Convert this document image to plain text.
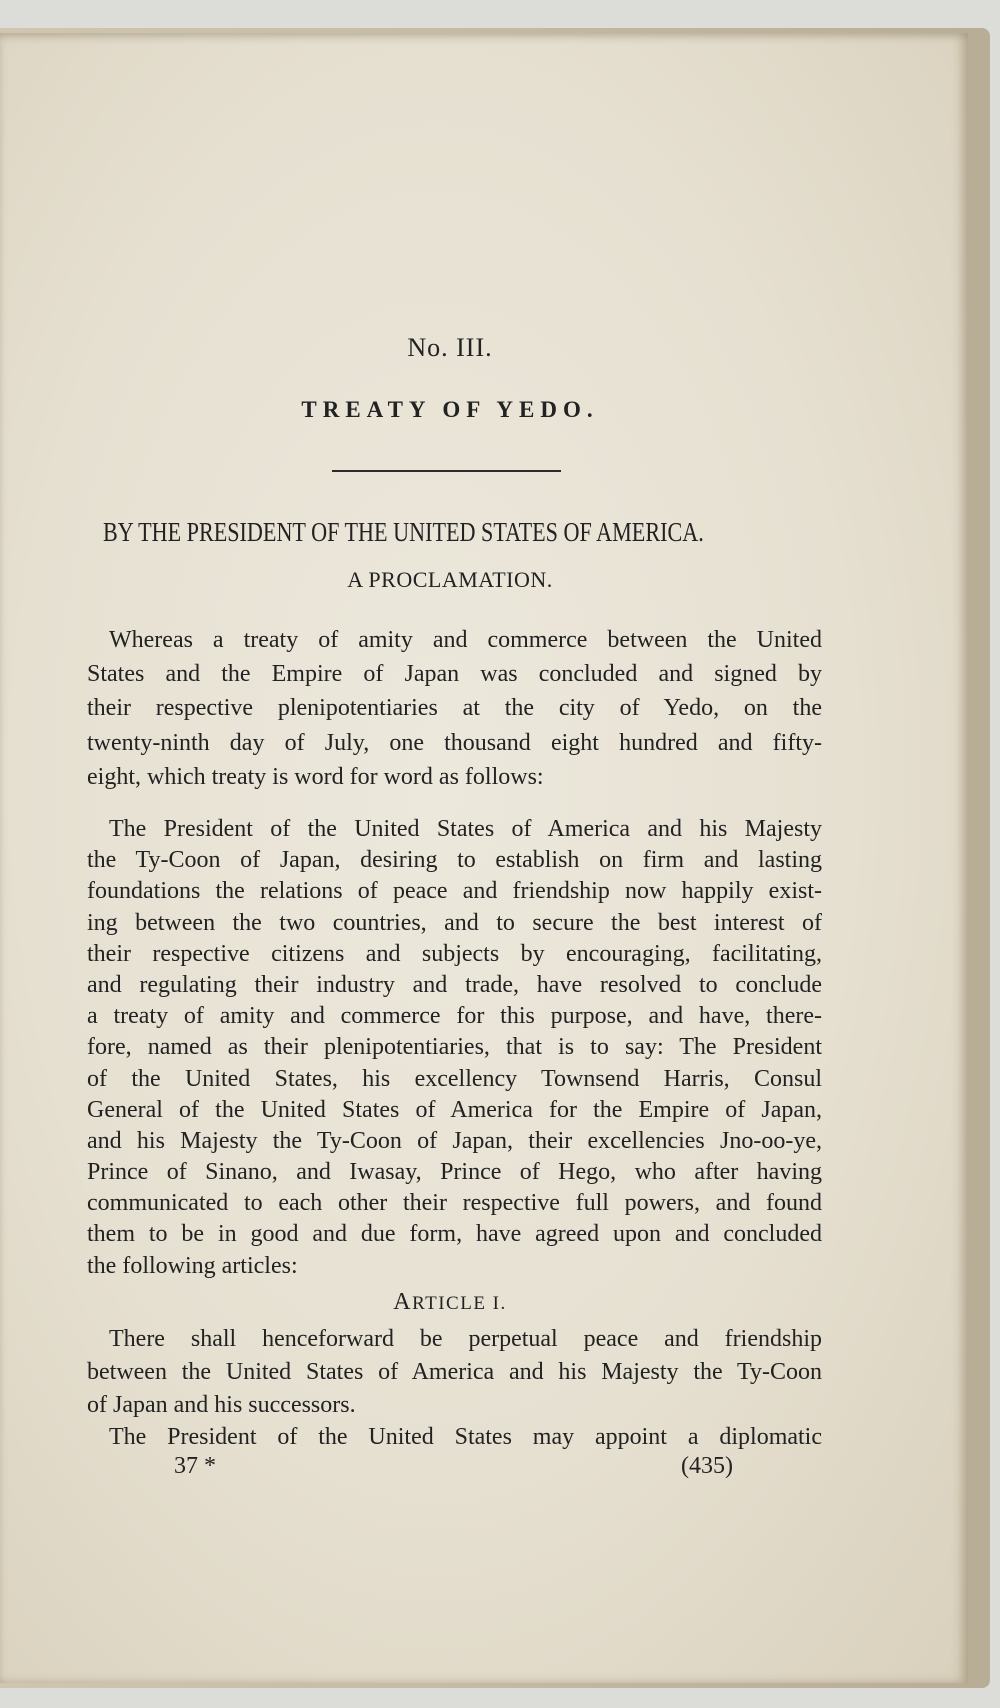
No. III.
TREATY OF YEDO.
BY THE PRESIDENT OF THE UNITED STATES OF AMERICA.
A PROCLAMATION.
Whereas a treaty of amity and commerce between the United
States and the Empire of Japan was concluded and signed by
their respective plenipotentiaries at the city of Yedo, on the
twenty-ninth day of July, one thousand eight hundred and fifty-
eight, which treaty is word for word as follows:
The President of the United States of America and his Majesty
the Ty-Coon of Japan, desiring to establish on firm and lasting
foundations the relations of peace and friendship now happily exist-
ing between the two countries, and to secure the best interest of
their respective citizens and subjects by encouraging, facilitating,
and regulating their industry and trade, have resolved to conclude
a treaty of amity and commerce for this purpose, and have, there-
fore, named as their plenipotentiaries, that is to say: The President
of the United States, his excellency Townsend Harris, Consul
General of the United States of America for the Empire of Japan,
and his Majesty the Ty-Coon of Japan, their excellencies Jno-oo-ye,
Prince of Sinano, and Iwasay, Prince of Hego, who after having
communicated to each other their respective full powers, and found
them to be in good and due form, have agreed upon and concluded
the following articles:
ARTICLE I.
There shall henceforward be perpetual peace and friendship
between the United States of America and his Majesty the Ty-Coon
of Japan and his successors.
The President of the United States may appoint a diplomatic
37 *	(435)
